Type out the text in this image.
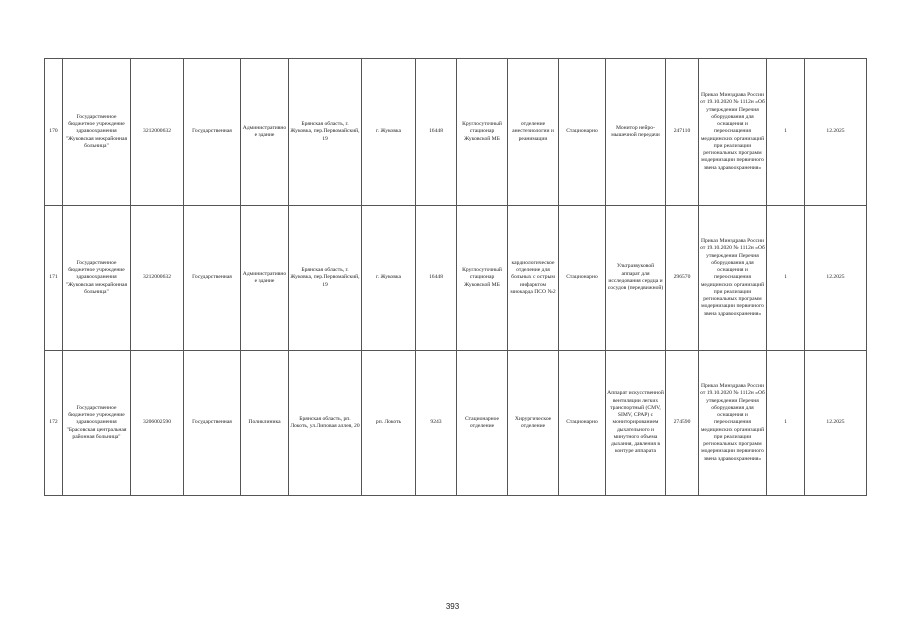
170	Государственное бюджетное учреждение здравоохранения "Жуковская межрайонная больница"	3212000632	Государственная	Административное здание	Брянская область, г. Жуковка, пер.Первомайский, 19	г. Жуковка	16448	Круглосуточный стационар Жуковской МБ	отделение анестезиологии и реанимации	Стационарно	Монитор нейро-мышечной передачи	247110	Приказ Минздрава России от 19.10.2020 № 1112н «Об утверждении Перечня оборудования для оснащения и переоснащения медицинских организаций при реализации региональных программ модернизации первичного звена здравоохранения»	1	12.2025
171	Государственное бюджетное учреждение здравоохранения "Жуковская межрайонная больница"	3212000632	Государственная	Административное здание	Брянская область, г. Жуковка, пер.Первомайский, 19	г. Жуковка	16448	Круглосуточный стационар Жуковской МБ	кардиологическое отделение для больных с острым инфарктом миокарда ПСО №2	Стационарно	Ультразвуковой аппарат для исследования сердца и сосудов (передвижной)	296570	Приказ Минздрава России от 19.10.2020 № 1112н «Об утверждении Перечня оборудования для оснащения и переоснащения медицинских организаций при реализации региональных программ модернизации первичного звена здравоохранения»	1	12.2025
172	Государственное бюджетное учреждение здравоохранения "Брасовская центральная районная больница"	3206002590	Государственная	Поликлиника	Брянская область, рп. Локоть, ул.Липовая аллея, 20	рп. Локоть	9243	Стационарное отделение	Хирургическое отделение	Стационарно	Аппарат искусственной вентиляции легких транспортный (CMV, SIMV, CPAP) с мониторированием дыхательного и минутного объема дыхания, давления в контуре аппарата	274590	Приказ Минздрава России от 19.10.2020 № 1112н «Об утверждении Перечня оборудования для оснащения и переоснащения медицинских организаций при реализации региональных программ модернизации первичного звена здравоохранения»	1	12.2025
393
